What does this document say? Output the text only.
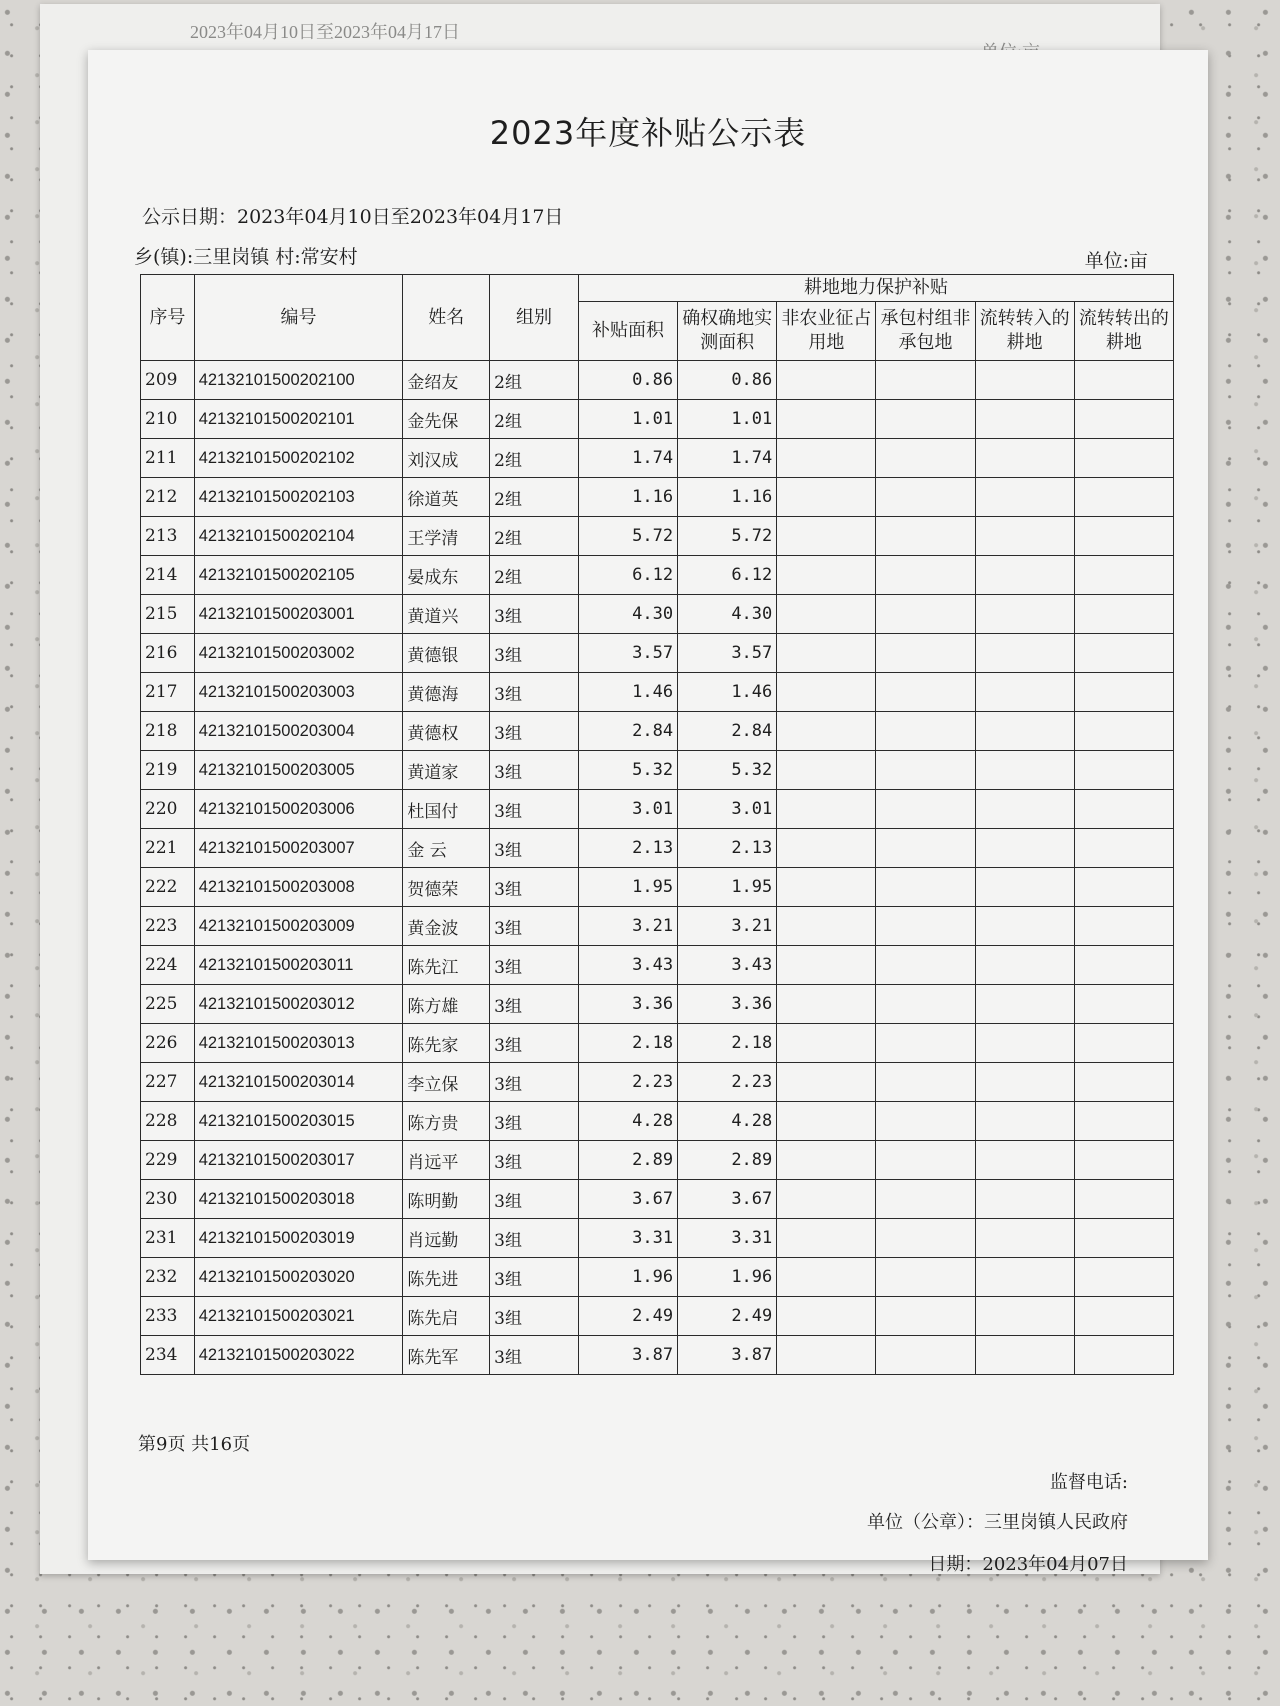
2023年04月10日至2023年04月17日
2023年度补贴公示表
公示日期：2023年04月10日至2023年04月17日
乡(镇):三里岗镇 村:常安村	单位:亩
序号	编号	姓名	组别	耕地地力保护补贴					
				补贴面积	确权确地实测面积	非农业征占用地	承包村组非承包地	流转转入的耕地	流转转出的耕地
209	42132101500202100	金绍友	2组	0.86	0.86				
210	42132101500202101	金先保	2组	1.01	1.01				
211	42132101500202102	刘汉成	2组	1.74	1.74				
212	42132101500202103	徐道英	2组	1.16	1.16				
213	42132101500202104	王学清	2组	5.72	5.72				
214	42132101500202105	晏成东	2组	6.12	6.12				
215	42132101500203001	黄道兴	3组	4.30	4.30				
216	42132101500203002	黄德银	3组	3.57	3.57				
217	42132101500203003	黄德海	3组	1.46	1.46				
218	42132101500203004	黄德权	3组	2.84	2.84				
219	42132101500203005	黄道家	3组	5.32	5.32				
220	42132101500203006	杜国付	3组	3.01	3.01				
221	42132101500203007	金 云	3组	2.13	2.13				
222	42132101500203008	贺德荣	3组	1.95	1.95				
223	42132101500203009	黄金波	3组	3.21	3.21				
224	42132101500203011	陈先江	3组	3.43	3.43				
225	42132101500203012	陈方雄	3组	3.36	3.36				
226	42132101500203013	陈先家	3组	2.18	2.18				
227	42132101500203014	李立保	3组	2.23	2.23				
228	42132101500203015	陈方贵	3组	4.28	4.28				
229	42132101500203017	肖远平	3组	2.89	2.89				
230	42132101500203018	陈明勤	3组	3.67	3.67				
231	42132101500203019	肖远勤	3组	3.31	3.31				
232	42132101500203020	陈先进	3组	1.96	1.96				
233	42132101500203021	陈先启	3组	2.49	2.49				
234	42132101500203022	陈先军	3组	3.87	3.87				
第9页 共16页
监督电话:
单位（公章）：三里岗镇人民政府
日期：2023年04月07日
